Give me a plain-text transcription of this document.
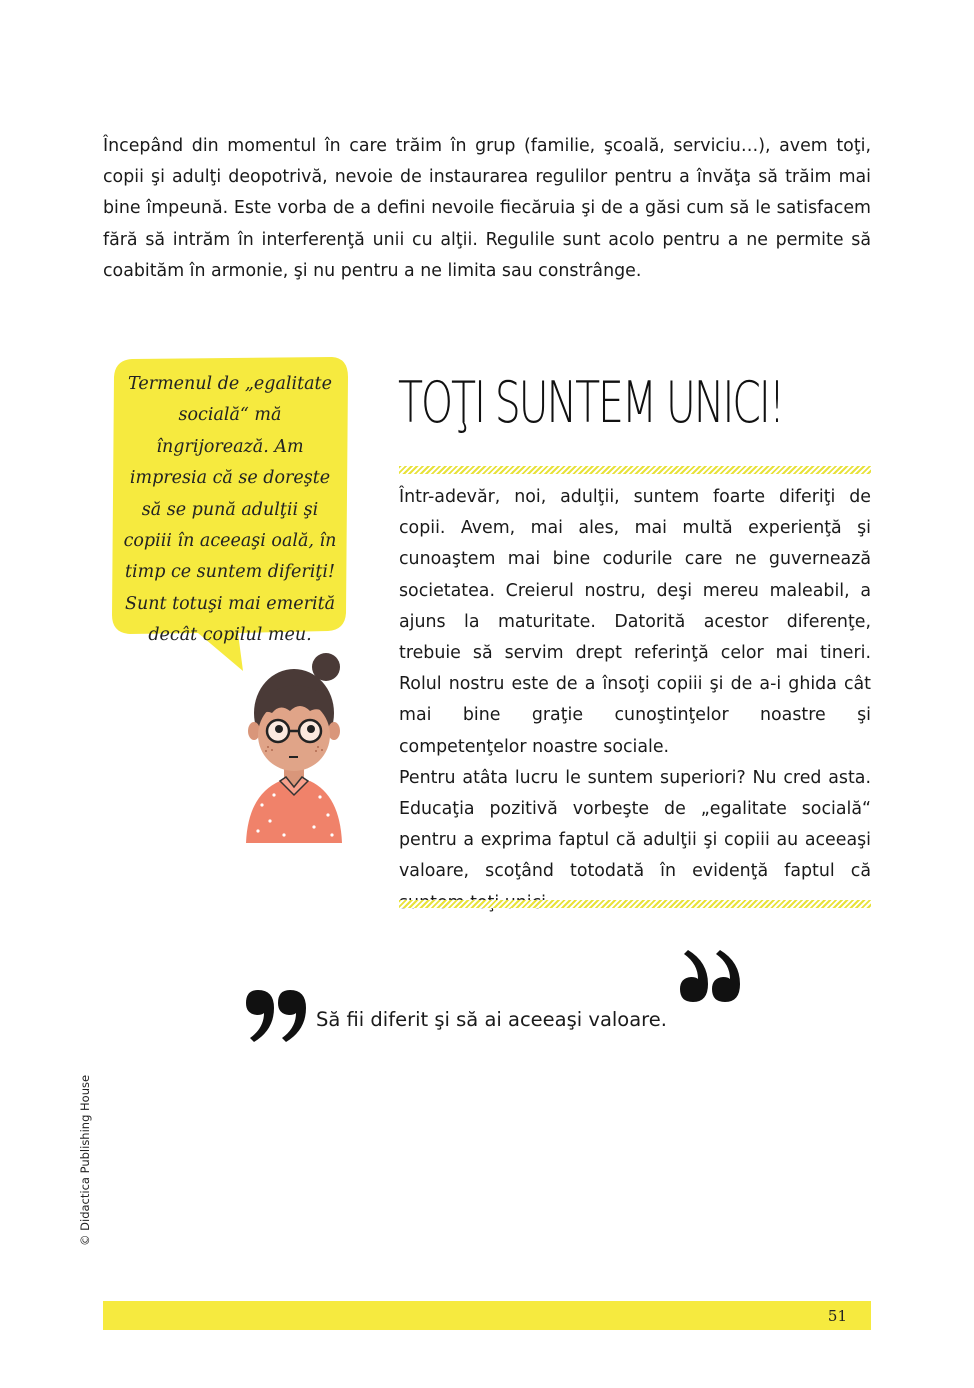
Începând din momentul în care trăim în grup (familie, şcoală, serviciu…), avem toţi, copii şi adulţi deopotrivă, nevoie de instaurarea regulilor pentru a învăţa să trăim mai bine împeună. Este vorba de a defini nevoile fiecăruia şi de a găsi cum să le satisfacem fără să intrăm în interferenţă unii cu alţii. Regulile sunt acolo pentru a ne permite să coabităm în armonie, şi nu pentru a ne limita sau constrânge.

Termenul de „egalitate socială“ mă îngrijorează. Am impresia că se doreşte să se pună adulţii şi copiii în aceeaşi oală, în timp ce suntem diferiţi! Sunt totuşi mai emerită decât copilul meu.

TOŢI SUNTEM UNICI!

Într-adevăr, noi, adulţii, suntem foarte diferiţi de copii. Avem, mai ales, mai multă experienţă şi cunoaştem mai bine codurile care ne guvernează societatea. Creierul nostru, deşi mereu maleabil, a ajuns la maturitate. Datorită acestor diferenţe, trebuie să servim drept referinţă celor mai tineri. Rolul nostru este de a însoţi copiii şi de a-i ghida cât mai bine graţie cunoştinţelor noastre şi competenţelor noastre sociale.

Pentru atâta lucru le suntem superiori? Nu cred asta. Educaţia pozitivă vorbeşte de „egalitate socială“ pentru a exprima faptul că adulţii şi copiii au aceeaşi valoare, scoţând totodată în evidenţă faptul că

Să fii diferit şi să ai aceeaşi valoare.

© Didactica Publishing House
51
